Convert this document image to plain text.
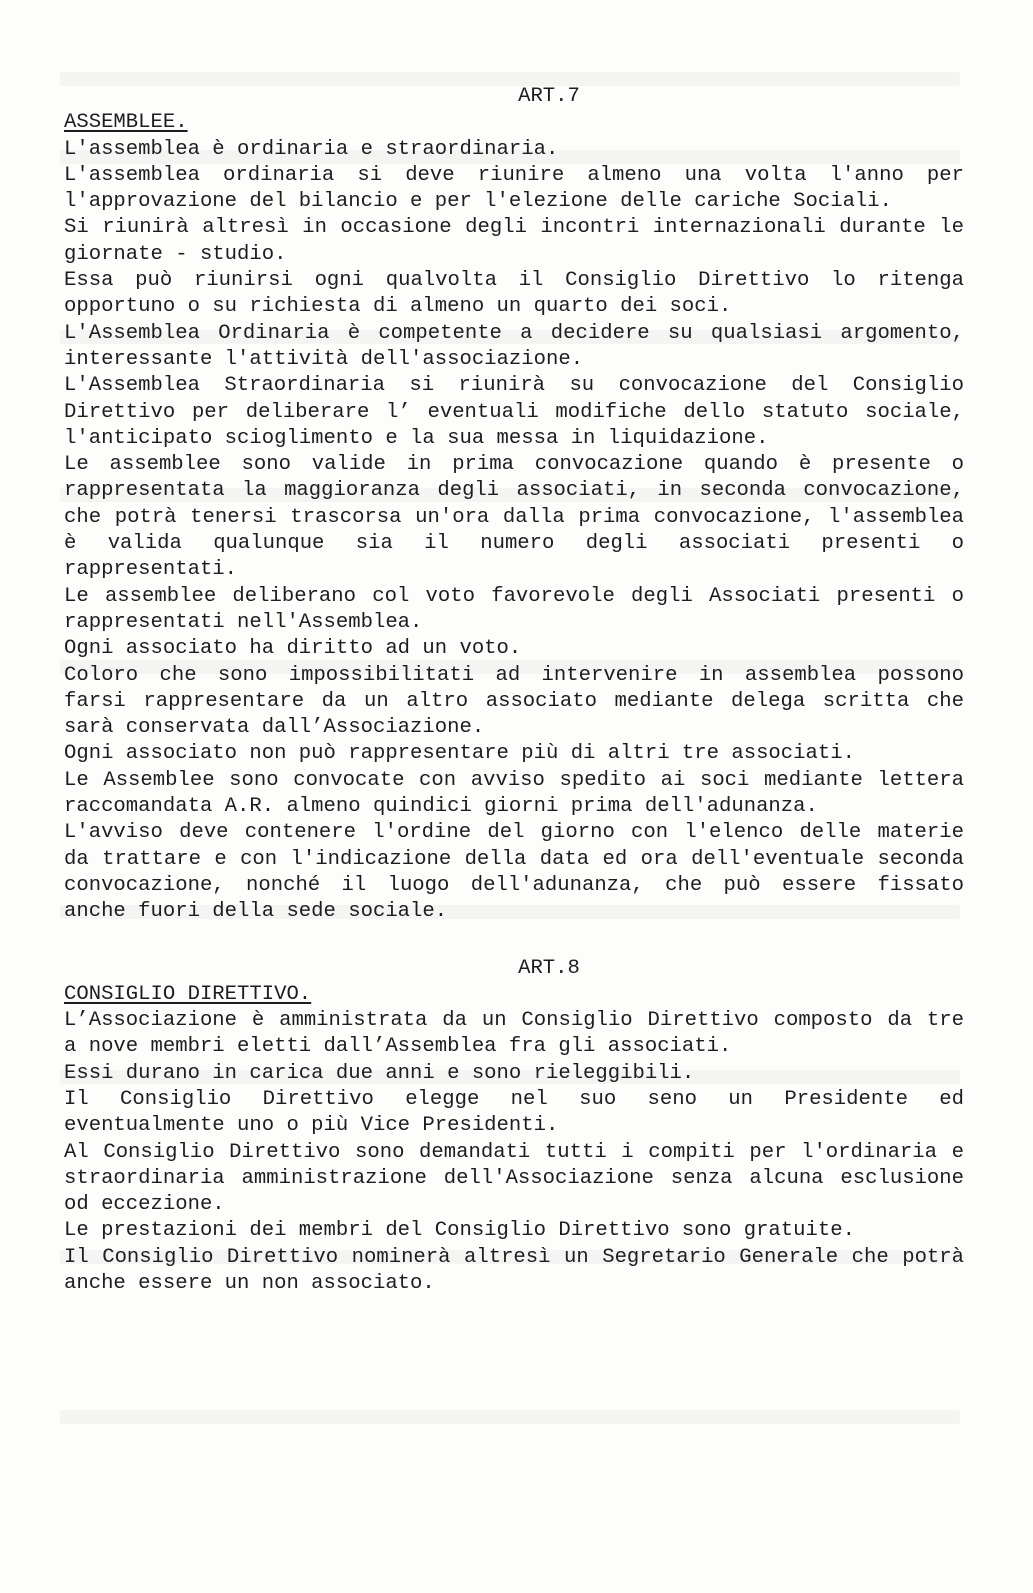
ART.7
ASSEMBLEE.

L'assemblea è ordinaria e straordinaria.

L'assemblea ordinaria si deve riunire almeno una volta l'anno per l'approvazione del bilancio e per l'elezione delle cariche Sociali.

Si riunirà altresì in occasione degli incontri internazionali durante le giornate - studio.

Essa può riunirsi ogni qualvolta il Consiglio Direttivo lo ritenga opportuno o su richiesta di almeno un quarto dei soci.

L'Assemblea Ordinaria è competente a decidere su qualsiasi argomento, interessante l'attività dell'associazione.

L'Assemblea Straordinaria si riunirà su convocazione del Consiglio Direttivo per deliberare l’ eventuali modifiche dello statuto sociale, l'anticipato scioglimento e la sua messa in liquidazione.

Le assemblee sono valide in prima convocazione quando è presente o rappresentata la maggioranza degli associati, in seconda convocazione, che potrà tenersi trascorsa un'ora dalla prima convocazione, l'assemblea è valida qualunque sia il numero degli associati presenti o rappresentati.

Le assemblee deliberano col voto favorevole degli Associati presenti o rappresentati nell'Assemblea.

Ogni associato ha diritto ad un voto.

Coloro che sono impossibilitati ad intervenire in assemblea possono farsi rappresentare da un altro associato mediante delega scritta che sarà conservata dall’Associazione.

Ogni associato non può rappresentare più di altri tre associati.

Le Assemblee sono convocate con avviso spedito ai soci mediante lettera raccomandata A.R. almeno quindici giorni prima dell'adunanza.

L'avviso deve contenere l'ordine del giorno con l'elenco delle materie da trattare e con l'indicazione della data ed ora dell'eventuale seconda convocazione, nonché il luogo dell'adunanza, che può essere fissato anche fuori della sede sociale.

ART.8
CONSIGLIO DIRETTIVO.

L’Associazione è amministrata da un Consiglio Direttivo composto da tre a nove membri eletti dall’Assemblea fra gli associati.

Essi durano in carica due anni e sono rieleggibili.

Il Consiglio Direttivo elegge nel suo seno un Presidente ed eventualmente uno o più Vice Presidenti.

Al Consiglio Direttivo sono demandati tutti i compiti per l'ordinaria e straordinaria amministrazione dell'Associazione senza alcuna esclusione od eccezione.

Le prestazioni dei membri del Consiglio Direttivo sono gratuite.

Il Consiglio Direttivo nominerà altresì un Segretario Generale che potrà anche essere un non associato.
